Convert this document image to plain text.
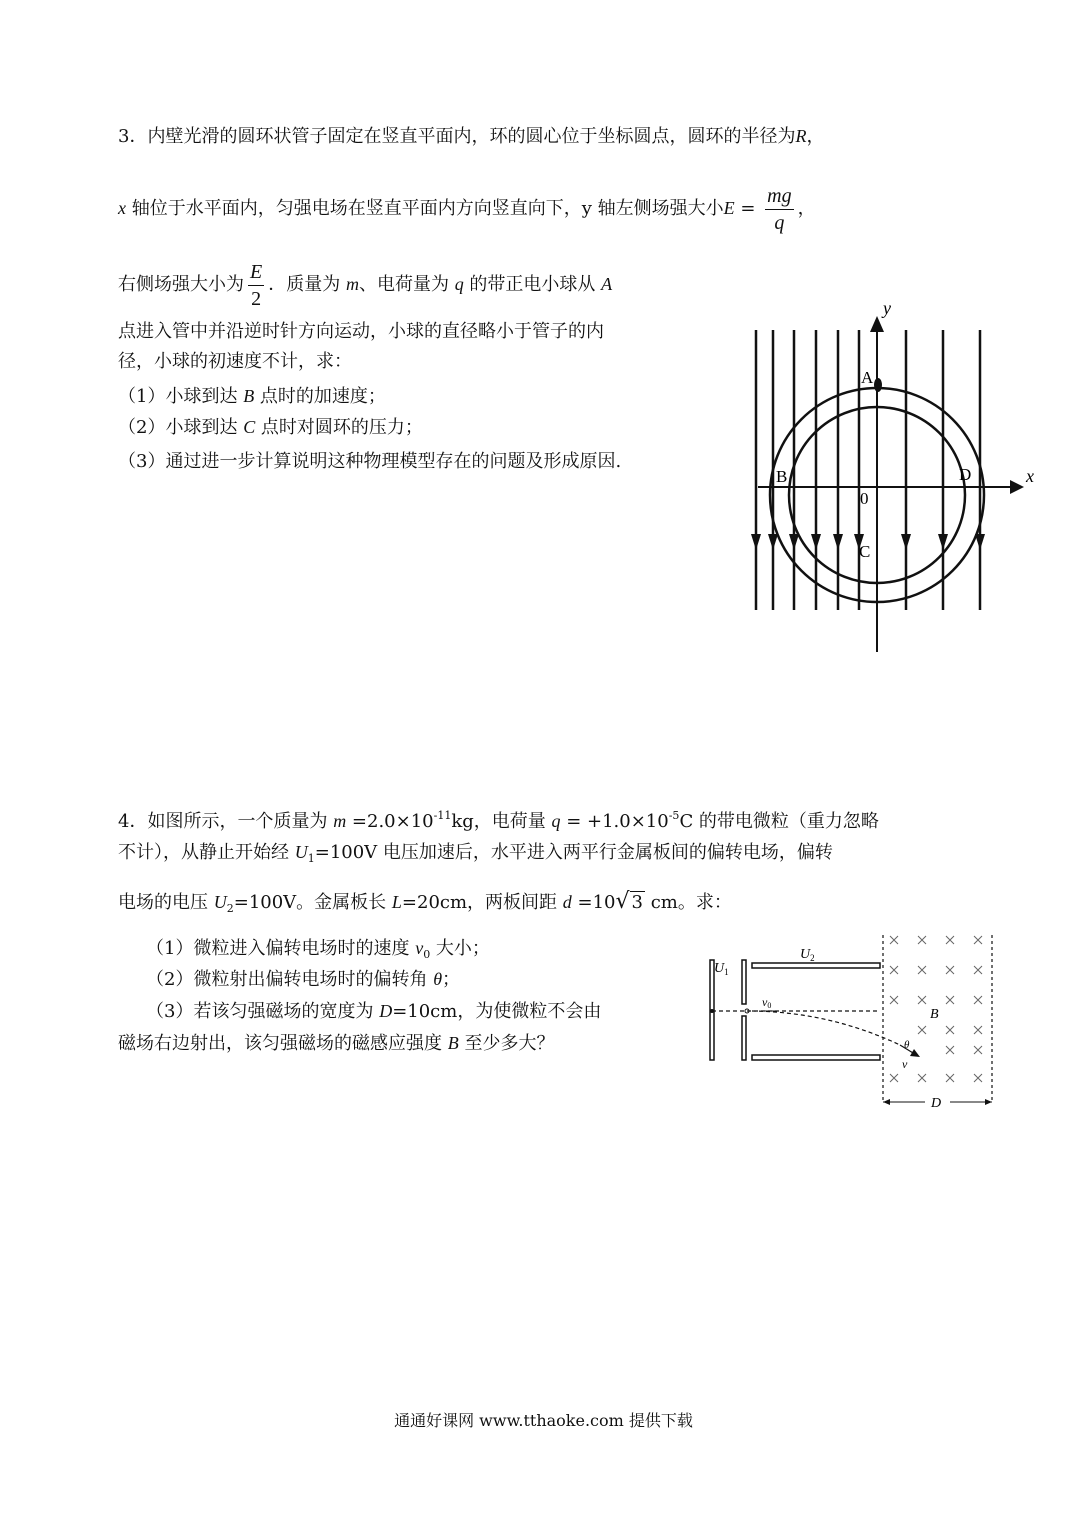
3．内壁光滑的圆环状管子固定在竖直平面内，环的圆心位于坐标圆点，圆环的半径为R，
x 轴位于水平面内，匀强电场在竖直平面内方向竖直向下，y 轴左侧场强大小$E = \frac{mg}{q}$ ，
右侧场强大小为 $\frac{E}{2}$ ．质量为 m、电荷量为 q 的带正电小球从 A
点进入管中并沿逆时针方向运动，小球的直径略小于管子的内
径，小球的初速度不计，求：
（1）小球到达 B 点时的加速度；
（2）小球到达 C 点时对圆环的压力；
（3）通过进一步计算说明这种物理模型存在的问题及形成原因.
y
x
0
A
B
C
D
4．如图所示，一个质量为 $m =2.0\times 10^{-11}kg$，电荷量 $q = +1.0\times 10^{-5}C$ 的带电微粒（重力忽略
不计），从静止开始经 $U_1=100V$ 电压加速后，水平进入两平行金属板间的偏转电场，偏转
电场的电压 $U_2=100V$。金属板长 L=20cm，两板间距 d =10√ 3 cm。求：
（1）微粒进入偏转电场时的速度 $v_0$ 大小；
（2）微粒射出偏转电场时的偏转角 θ；
（3）若该匀强磁场的宽度为 D=10cm，为使微粒不会由
磁场右边射出，该匀强磁场的磁感应强度 B 至少多大？
$U_1$
$U_2$
v0
B
v
θ
D
通通好课网 www.tthaoke.com 提供下载
